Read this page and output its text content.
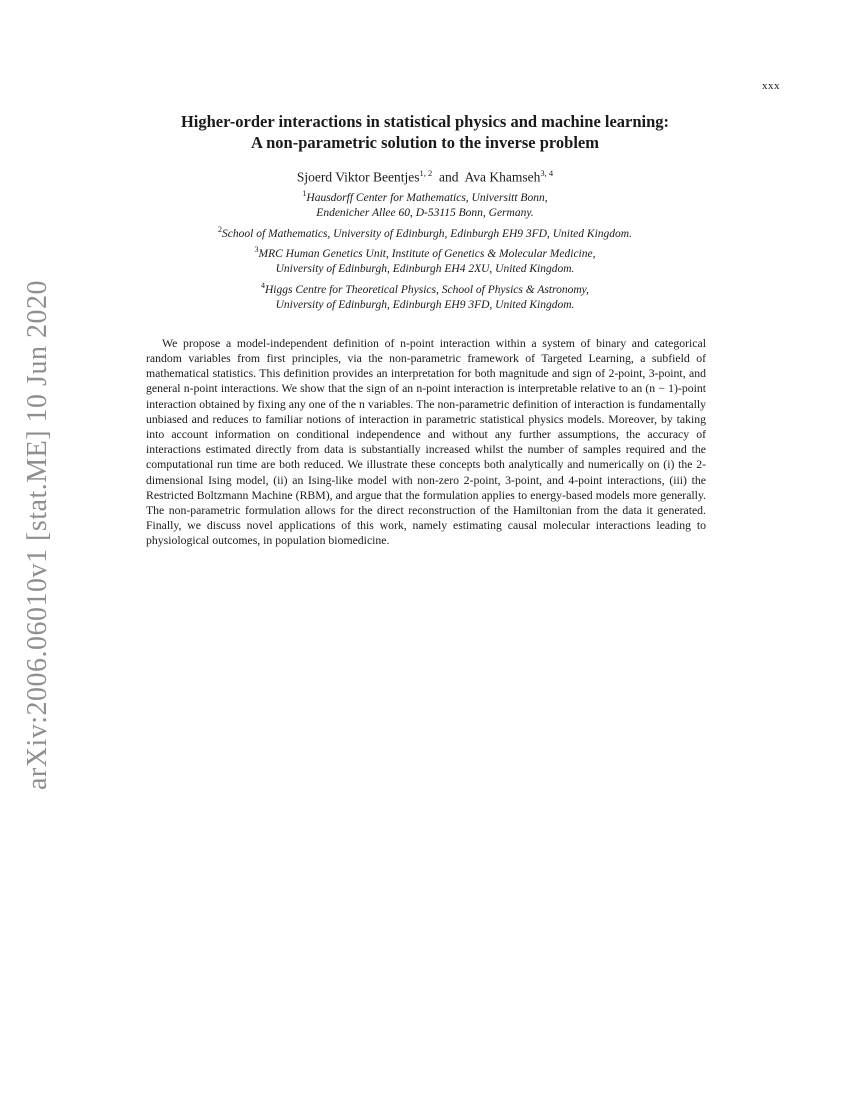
xxx
arXiv:2006.06010v1 [stat.ME] 10 Jun 2020
Higher-order interactions in statistical physics and machine learning:
A non-parametric solution to the inverse problem
Sjoerd Viktor Beentjes$^{1, 2}$ and Ava Khamseh$^{3, 4}$
$^1$Hausdorff Center for Mathematics, Universitt Bonn,
Endenicher Allee 60, D-53115 Bonn, Germany.
$^2$School of Mathematics, University of Edinburgh, Edinburgh EH9 3FD, United Kingdom.
$^3$MRC Human Genetics Unit, Institute of Genetics & Molecular Medicine,
University of Edinburgh, Edinburgh EH4 2XU, United Kingdom.
$^4$Higgs Centre for Theoretical Physics, School of Physics & Astronomy,
University of Edinburgh, Edinburgh EH9 3FD, United Kingdom.

We propose a model-independent definition of n-point interaction within a system of binary and categorical random variables from first principles, via the non-parametric framework of Targeted Learning, a subfield of mathematical statistics. This definition provides an interpretation for both magnitude and sign of 2-point, 3-point, and general n-point interactions. We show that the sign of an n-point interaction is interpretable relative to an (n − 1)-point interaction obtained by fixing any one of the n variables. The non-parametric definition of interaction is fundamentally unbiased and reduces to familiar notions of interaction in parametric statistical physics models. Moreover, by taking into account information on conditional independence and without any further assumptions, the accuracy of interactions estimated directly from data is substantially increased whilst the number of samples required and the computational run time are both reduced. We illustrate these concepts both analytically and numerically on (i) the 2-dimensional Ising model, (ii) an Ising-like model with non-zero 2-point, 3-point, and 4-point interactions, (iii) the Restricted Boltzmann Machine (RBM), and argue that the formulation applies to energy-based models more generally. The non-parametric formulation allows for the direct reconstruction of the Hamiltonian from the data it generated. Finally, we discuss novel applications of this work, namely estimating causal molecular interactions leading to physiological outcomes, in population biomedicine.
